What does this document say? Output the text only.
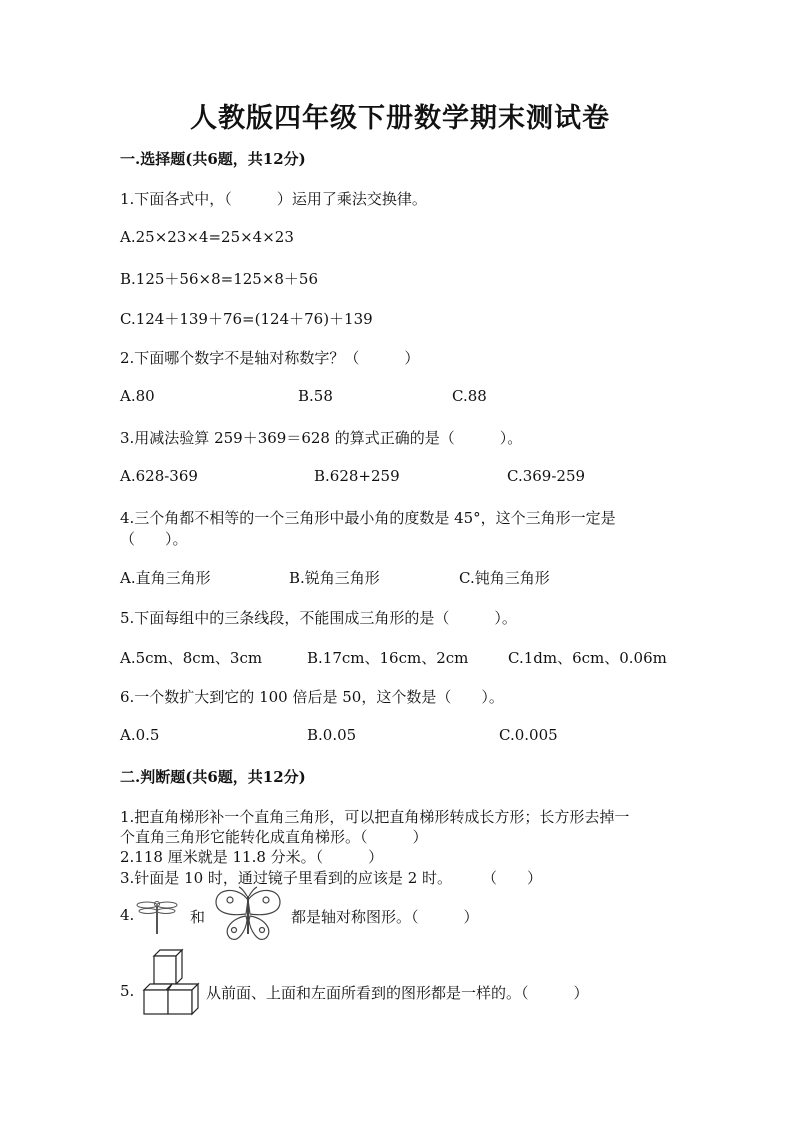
人教版四年级下册数学期末测试卷
一.选择题(共6题，共12分)
1.下面各式中，（　　　）运用了乘法交换律。
A.25×23×4=25×4×23
B.125＋56×8=125×8＋56
C.124＋139＋76=(124＋76)＋139
2.下面哪个数字不是轴对称数字？（　　　）
A.80	B.58	C.88
3.用减法验算 259＋369＝628 的算式正确的是（　　　）。
A.628-369	B.628+259	C.369-259
4.三个角都不相等的一个三角形中最小角的度数是 45°，这个三角形一定是
（　　）。
A.直角三角形	B.锐角三角形	C.钝角三角形
5.下面每组中的三条线段，不能围成三角形的是（　　　）。
A.5cm、8cm、3cm	B.17cm、16cm、2cm	C.1dm、6cm、0.06m
6.一个数扩大到它的 100 倍后是 50，这个数是（　　）。
A.0.5	B.0.05	C.0.005
二.判断题(共6题，共12分)
1.把直角梯形补一个直角三角形，可以把直角梯形转成长方形；长方形去掉一
个直角三角形它能转化成直角梯形。（　　　）
2.118 厘米就是 11.8 分米。（　　　）
3.针面是 10 时，通过镜子里看到的应该是 2 时。　　　（　　）
4.	和	都是轴对称图形。（　　　）
5.	从前面、上面和左面所看到的图形都是一样的。（　　　）
